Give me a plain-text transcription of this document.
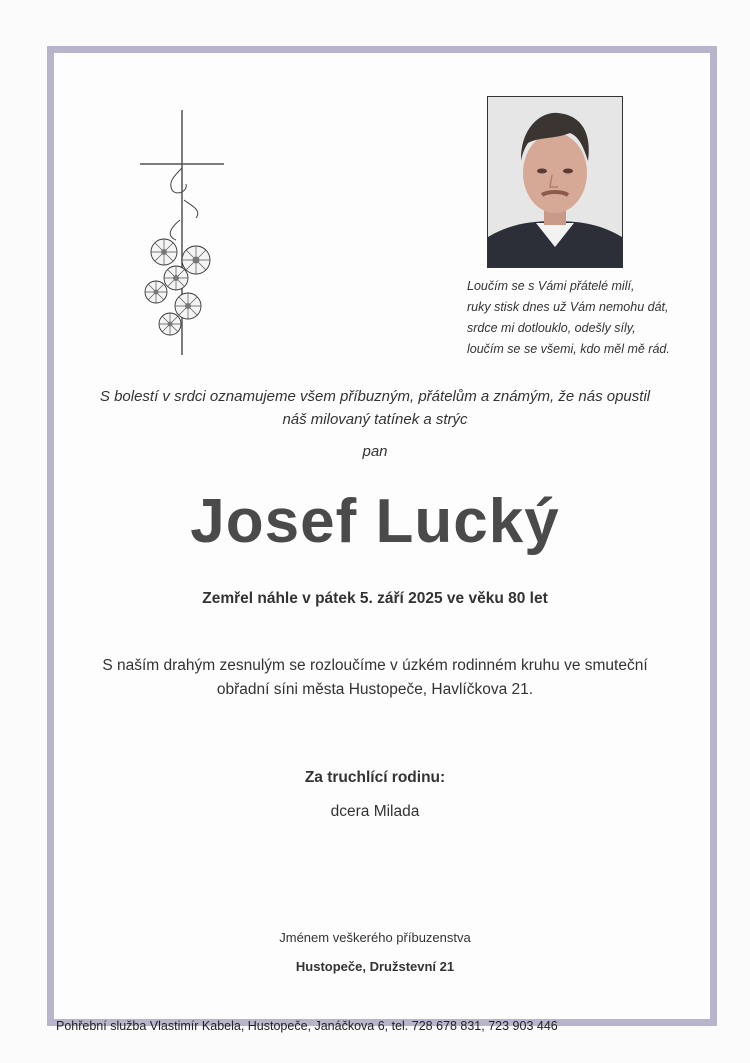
Loučím se s Vámi přátelé milí,
ruky stisk dnes už Vám nemohu dát,
srdce mi dotlouklo, odešly síly,
loučím se se všemi, kdo měl mě rád.
S bolestí v srdci oznamujeme všem příbuzným, přátelům a známým, že nás opustil
náš milovaný tatínek a strýc
pan
Josef Lucký
Zemřel náhle v pátek 5. září 2025 ve věku 80 let
S naším drahým zesnulým se rozloučíme v úzkém rodinném kruhu ve smuteční
obřadní síni města Hustopeče, Havlíčkova 21.
Za truchlící rodinu:
dcera Milada
Jménem veškerého příbuzenstva
Hustopeče, Družstevní 21
Pohřební služba Vlastimír Kabela, Hustopeče, Janáčkova 6, tel. 728 678 831, 723 903 446
